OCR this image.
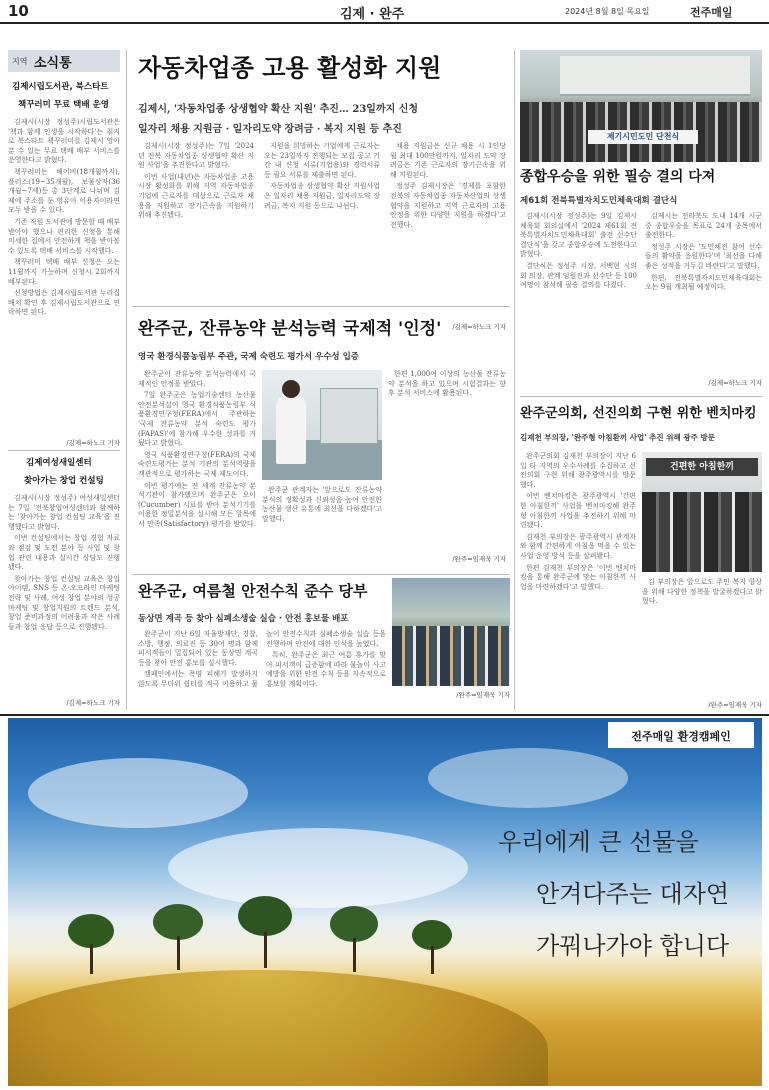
10	김제 · 완주	2024년 8월 8일 목요일	전주매일
지역 소식통
김제시립도서관, 북스타트
책꾸러미 무료 택배 운영

김제시(시장 정성주)시립도서관은 '책과 함께 인생을 시작하다'는 취지로 북스타트 책꾸러미를 김제시 영아 분 수 있는 무료 택배 배부 서비스를 운영한다고 밝혔다.

책꾸러미는 베이비(18개월까지), 플러스(19~35개월), 보물상자(36개월~7세)등 총 3단계로 나뉘며 김제에 주소를 둔 영유아 이용자이라면 모두 받을 수 있다.

기존 직원 도서관에 방문할 때 배부받아야 했으나 편리한 신청을 통해 미세한 집에서 안전하게 책을 받아볼 수 있도록 택배 서비스를 시작했다.

책꾸러미 택배 배부 신청은 오는 11월까지 가능하며 신청시 2회까지 배부된다.

신청방법은 김제시립도서관 누리집 배치 확인 후 김제시립도서관으로 연락하면 된다.

/김제=하노크 기자
김제여성새일센터
찾아가는 창업 컨설팅

김제시(시장 정성주) 여성새일센터는 7일 '전북창업여성센터와 함께하는 '찾아가는 창업 컨설팅 교육'을 진행했다고 밝혔다.

이번 컨설팅에서는 창업 경험 자료와 점검 및 도전 분야 등 사업 및 창업 관련 내용과 실시간 상담도 진행됐다.

찾아가는 창업 컨설팅 교육은 창업 아이템, SNS 등 온·오프라인 마케팅 전략 및 사례, 여성 창업 분야의 성공 마케팅 및 창업지원의 트렌드 분석, 창업 준비과정의 어려움과 작은 사례들과 창업 응답 등으로 진행됐다.

/김제=하노크 기자
자동차업종 고용 활성화 지원
김제시, '자동차업종 상생협약 확산 지원' 추진… 23일까지 신청
일자리 채용 지원금 · 일자리도약 장려금 · 복지 지원 등 추진

김제시(시장 정성주)는 7일 '2024년 전북 자동차업종 상생협약 확산 지원 사업'을 추진한다고 밝혔다.

이번 사업(내년)은 자동차업종 고용시장 활성화를 위해 지역 자동차업종 기업에 근로자를 대상으로 근로자 채용을 지원하고 장기근속을 지원하기 위해 추진됐다.

지원을 희망하는 기업에게 근로자는 오는 23일까지 진행되는 모집 공고 기간 내 신청 서류(기업용)와 경력서류 등 필요 서류를 제출하면 된다.

자동차업종 상생협약 확산 지원사업은 일자리 채용 지원금, 일자리도약 장려금, 복지 지원 등으로 나뉜다.

채용 지원금은 신규 채용 시 1인당 월 최대 100만원까지, 일자리 도약 장려금은 기존 근로자의 장기근속을 위해 지원된다.

정성주 김제시장은 '경제를 포함한 전북의 자동차업종 자동차산업의 상생협약을 지원하고 지역 근로자의 고용 안정을 위한 다양한 지원을 하겠다'고 전했다.

/김제=하노크 기자
제기시민도민 단천식
종합우승을 위한 필승 결의 다져
제61회 전북특별자치도민체육대회 결단식

김제시(시장 정성주)는 9일 김제시체육회 회의실에서 '2024 제61회 전북특별자치도민체육대회' 출전 선수단 결단식'을 갖고 종합우승에 도전한다고 밝혔다.

결단식은 정성주 시장, 서백현 시의회 의장, 관계 임원진과 선수단 등 100여명이 참석해 필승 결의를 다졌다.

김제시는 전라북도 도내 14개 시군 중 종합우승을 목표로 24개 종목에서 출전한다.

정성주 시장은 '도민체전 참여 선수들의 활약을 응원한다'며 '최선을 다해 좋은 성적을 거두길 바란다'고 말했다.

한편, 전북특별자치도민체육대회는 오는 9월 개최될 예정이다.

/김제=하노크 기자
완주군, 잔류농약 분석능력 국제적 '인정'
영국 환경식품농림부 주관, 국제 숙련도 평가서 우수성 입증

완주군이 잔류농약 분석능력에서 국제적인 인정을 받았다.

7일 완주군은 농업기술센터 농산물안전분석실이 영국 환경식품농림부 식품환경연구청(FERA)에서 주관하는 '국제 잔류농약 분석 숙련도 평가(FAPAS)'에 참가해 우수한 성과를 거뒀다고 밝혔다.

영국 식품환경연구청(FERA)의 국제 숙련도평가는 분석 기관의 분석역량을 객관적으로 평가하는 국제 제도이다.

이번 평가에는 전 세계 잔류농약 분석기관이 참가했으며 완주군은 오이(Cucumber) 시료를 받아 분석기기를 이용한 정밀분석을 실시해 모든 항목에서 만족(Satisfactory) 평가를 받았다.

완주군 관계자는 '앞으로도 잔류농약 분석의 정확성과 신뢰성을 높여 안전한 농산물 생산 유통에 최선을 다하겠다'고 말했다.

한편 1,000여 이상의 농산물 잔류농약 분석을 하고 있으며 시험결과는 향후 분석 서비스에 활용된다.

/완주=임재욱 기자
완주군의회, 선진의회 구현 위한 벤치마킹
김재천 부의장, '완주형 아침환끼 사업' 추진 위해 광주 방문

완주군의회 김재천 부의장이 지난 6일 타 지역의 우수사례를 수집하고 선진의회 구현 위해 광주광역시를 방문했다.

이번 벤치마킹은 광주광역시 '간편한 아침한끼' 사업을 벤치마킹해 완주형 아침한끼 사업을 추진하기 위해 마련됐다.

김재천 부의장은 광주광역시 관계자와 함께 간편하게 아침을 먹을 수 있는 사업 운영 방식 등을 살펴봤다.

한편 김재천 부의장은 '이번 벤치마킹을 통해 완주군에 맞는 아침한끼 사업을 마련하겠다'고 말했다.

건편한 아침한끼

김 부의장은 앞으로도 주민 복지 향상을 위해 다양한 정책을 발굴하겠다고 밝혔다.

/완주=임재욱 기자
완주군, 여름철 안전수칙 준수 당부
동상면 계곡 등 찾아 심폐소생술 실습 · 안전 홍보물 배포

완주군이 지난 6일 자율방재단, 경찰, 소방, 행정, 의료진 등 30여 명과 함께 피서객들이 밀집되어 있는 동상면 계곡 등을 찾아 안전 홍보를 실시했다.

캠페인에서는 폭염 피해가 발생하지 않도록 무더위 쉼터를 적극 이용하고 물놀이 안전수칙과 심폐소생술 실습 등을 진행하며 안전에 대한 인식을 높였다.

특히, 완주군은 최근 여름 휴가를 맞아 피서객이 급증함에 따라 물놀이 사고 예방을 위한 안전 수칙 등을 지속적으로 홍보할 계획이다.

/완주=임재욱 기자
전주매일 환경캠페인
우리에게 큰 선물을
안겨다주는 대자연
가꿔나가야 합니다
